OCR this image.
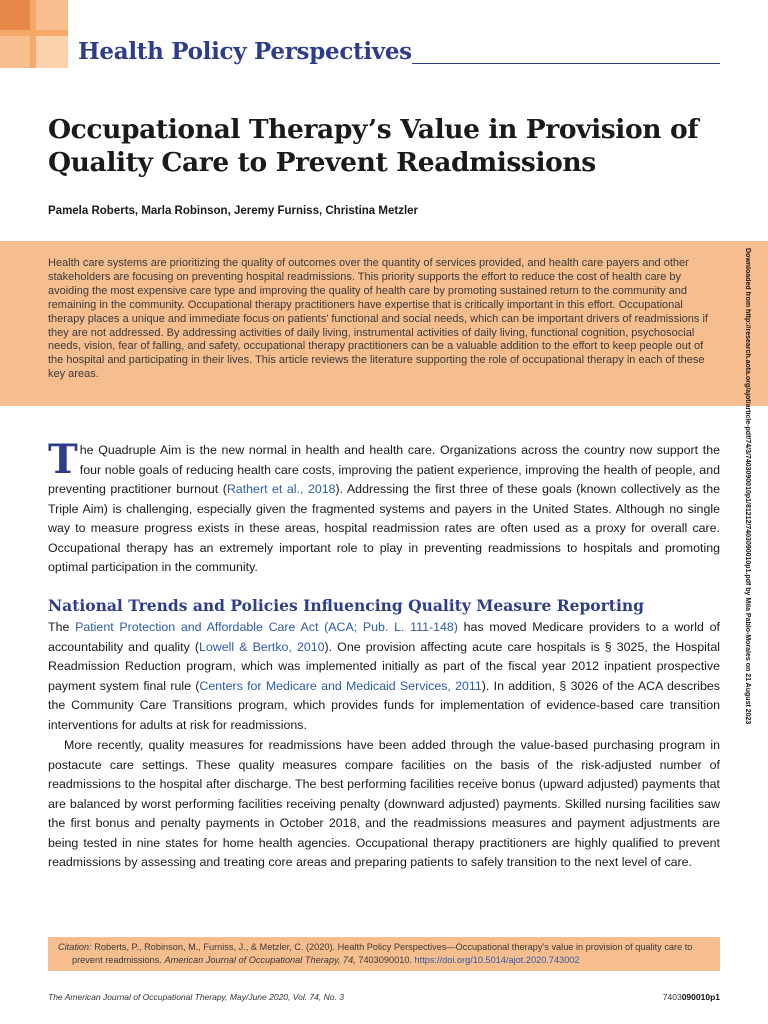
Health Policy Perspectives
Occupational Therapy’s Value in Provision of Quality Care to Prevent Readmissions
Pamela Roberts, Marla Robinson, Jeremy Furniss, Christina Metzler

Health care systems are prioritizing the quality of outcomes over the quantity of services provided, and health care payers and other stakeholders are focusing on preventing hospital readmissions. This priority supports the effort to reduce the cost of health care by avoiding the most expensive care type and improving the quality of health care by promoting sustained return to the community and remaining in the community. Occupational therapy practitioners have expertise that is critically important in this effort. Occupational therapy places a unique and immediate focus on patients’ functional and social needs, which can be important drivers of readmissions if they are not addressed. By addressing activities of daily living, instrumental activities of daily living, functional cognition, psychosocial needs, vision, fear of falling, and safety, occupational therapy practitioners can be a valuable addition to the effort to keep people out of the hospital and participating in their lives. This article reviews the literature supporting the role of occupational therapy in each of these key areas.	Downloaded from http://research.aota.org/ajot/article-pdf/74/3/7403090010p1/81212/7403090010p1.pdf by Mila Pablo-Morales on 21 August 2023

The Quadruple Aim is the new normal in health and health care. Organizations across the country now support the four noble goals of reducing health care costs, improving the patient experience, improving the health of people, and preventing practitioner burnout (Rathert et al., 2018). Addressing the first three of these goals (known collectively as the Triple Aim) is challenging, especially given the fragmented systems and payers in the United States. Although no single way to measure progress exists in these areas, hospital readmission rates are often used as a proxy for overall care. Occupational therapy has an extremely important role to play in preventing readmissions to hospitals and promoting optimal participation in the community.

National Trends and Policies Influencing Quality Measure Reporting

The Patient Protection and Affordable Care Act (ACA; Pub. L. 111-148) has moved Medicare providers to a world of accountability and quality (Lowell & Bertko, 2010). One provision affecting acute care hospitals is § 3025, the Hospital Readmission Reduction program, which was implemented initially as part of the fiscal year 2012 inpatient prospective payment system final rule (Centers for Medicare and Medicaid Services, 2011). In addition, § 3026 of the ACA describes the Community Care Transitions program, which provides funds for implementation of evidence-based care transition interventions for adults at risk for readmissions.

More recently, quality measures for readmissions have been added through the value-based purchasing program in postacute care settings. These quality measures compare facilities on the basis of the risk-adjusted number of readmissions to the hospital after discharge. The best performing facilities receive bonus (upward adjusted) payments that are balanced by worst performing facilities receiving penalty (downward adjusted) payments. Skilled nursing facilities saw the first bonus and penalty payments in October 2018, and the readmissions measures and payment adjustments are being tested in nine states for home health agencies. Occupational therapy practitioners are highly qualified to prevent readmissions by assessing and treating core areas and preparing patients to safely transition to the next level of care.

Citation: Roberts, P., Robinson, M., Furniss, J., & Metzler, C. (2020). Health Policy Perspectives—Occupational therapy’s value in provision of quality care to prevent readmissions. American Journal of Occupational Therapy, 74, 7403090010. https://doi.org/10.5014/ajot.2020.743002
The American Journal of Occupational Therapy, May/June 2020, Vol. 74, No. 3	7403090010p1
